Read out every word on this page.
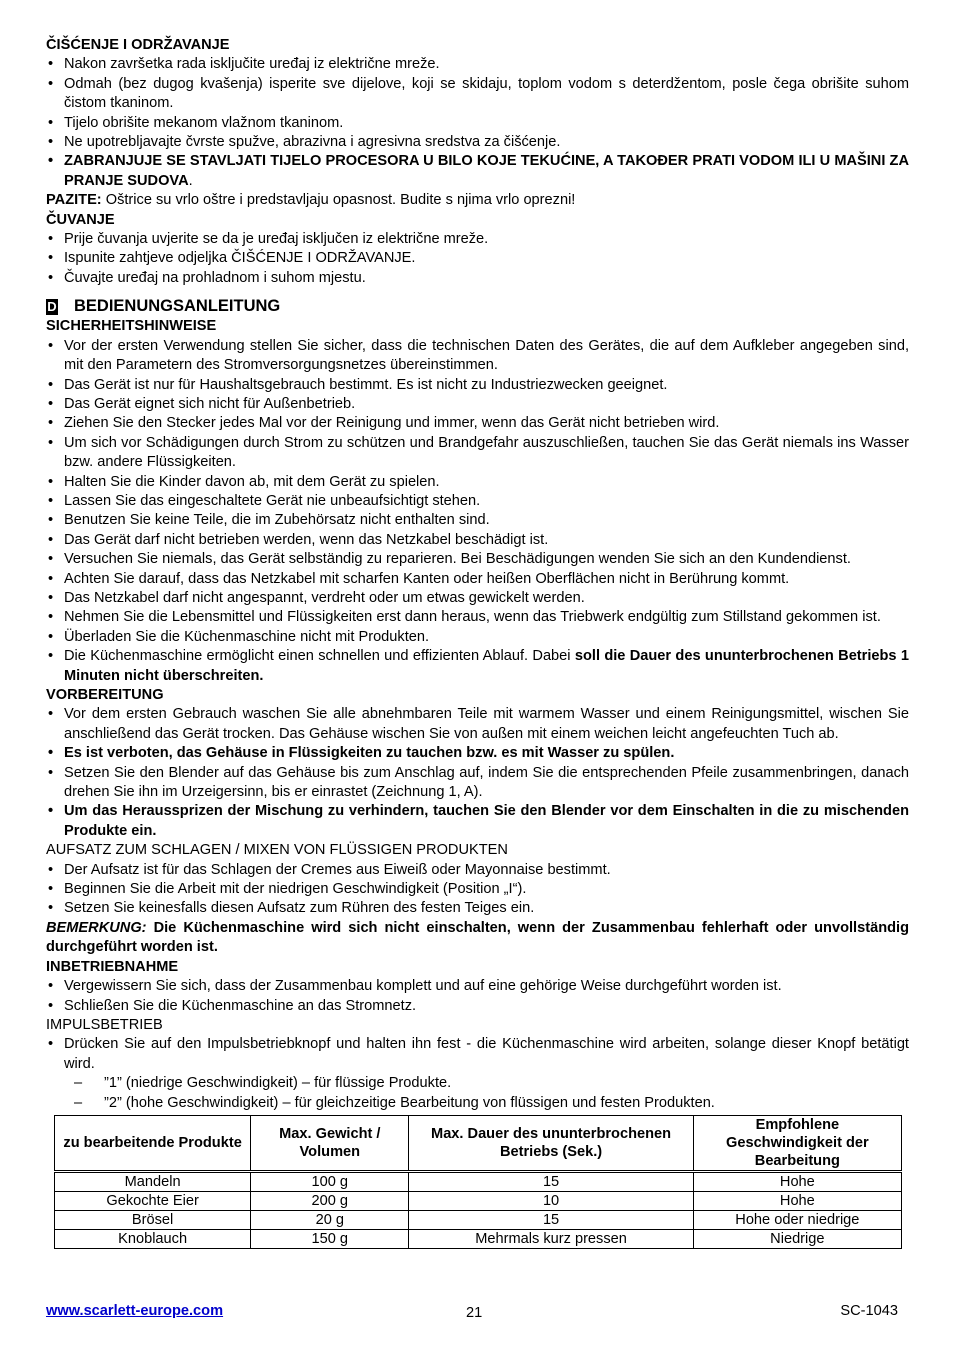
ČIŠĆENJE I ODRŽAVANJE
• Nakon završetka rada isključite uređaj iz električne mreže.
• Odmah (bez dugog kvašenja) isperite sve dijelove, koji se skidaju, toplom vodom s deterdžentom, posle čega obrišite suhom čistom tkaninom.
• Tijelo obrišite mekanom vlažnom tkaninom.
• Ne upotrebljavajte čvrste spužve, abrazivna i agresivna sredstva za čišćenje.
• ZABRANJUJE SE STAVLJATI TIJELO PROCESORA U BILO KOJE TEKUĆINE, A TAKOĐER PRATI VODOM ILI U MAŠINI ZA PRANJE SUDOVA.

PAZITE: Oštrice su vrlo oštre i predstavljaju opasnost. Budite s njima vrlo oprezni!

ČUVANJE
• Prije čuvanja uvjerite se da je uređaj isključen iz električne mreže.
• Ispunite zahtjeve odjeljka ČIŠĆENJE I ODRŽAVANJE.
• Čuvajte uređaj na prohladnom i suhom mjestu.
D BEDIENUNGSANLEITUNG
SICHERHEITSHINWEISE
• Vor der ersten Verwendung stellen Sie sicher, dass die technischen Daten des Gerätes, die auf dem Aufkleber angegeben sind, mit den Parametern des Stromversorgungsnetzes übereinstimmen.
• Das Gerät ist nur für Haushaltsgebrauch bestimmt. Es ist nicht zu Industriezwecken geeignet.
• Das Gerät eignet sich nicht für Außenbetrieb.
• Ziehen Sie den Stecker jedes Mal vor der Reinigung und immer, wenn das Gerät nicht betrieben wird.
• Um sich vor Schädigungen durch Strom zu schützen und Brandgefahr auszuschließen, tauchen Sie das Gerät niemals ins Wasser bzw. andere Flüssigkeiten.
• Halten Sie die Kinder davon ab, mit dem Gerät zu spielen.
• Lassen Sie das eingeschaltete Gerät nie unbeaufsichtigt stehen.
• Benutzen Sie keine Teile, die im Zubehörsatz nicht enthalten sind.
• Das Gerät darf nicht betrieben werden, wenn das Netzkabel beschädigt ist.
• Versuchen Sie niemals, das Gerät selbständig zu reparieren. Bei Beschädigungen wenden Sie sich an den Kundendienst.
• Achten Sie darauf, dass das Netzkabel mit scharfen Kanten oder heißen Oberflächen nicht in Berührung kommt.
• Das Netzkabel darf nicht angespannt, verdreht oder um etwas gewickelt werden.
• Nehmen Sie die Lebensmittel und Flüssigkeiten erst dann heraus, wenn das Triebwerk endgültig zum Stillstand gekommen ist.
• Überladen Sie die Küchenmaschine nicht mit Produkten.
• Die Küchenmaschine ermöglicht einen schnellen und effizienten Ablauf. Dabei soll die Dauer des ununterbrochenen Betriebs 1 Minuten nicht überschreiten.
VORBEREITUNG
• Vor dem ersten Gebrauch waschen Sie alle abnehmbaren Teile mit warmem Wasser und einem Reinigungsmittel, wischen Sie anschließend das Gerät trocken. Das Gehäuse wischen Sie von außen mit einem weichen leicht angefeuchten Tuch ab.
• Es ist verboten, das Gehäuse in Flüssigkeiten zu tauchen bzw. es mit Wasser zu spülen.
• Setzen Sie den Blender auf das Gehäuse bis zum Anschlag auf, indem Sie die entsprechenden Pfeile zusammenbringen, danach drehen Sie ihn im Urzeigersinn, bis er einrastet (Zeichnung 1, A).
• Um das Heraussprizen der Mischung zu verhindern, tauchen Sie den Blender vor dem Einschalten in die zu mischenden Produkte ein.
AUFSATZ ZUM SCHLAGEN / MIXEN VON FLÜSSIGEN PRODUKTEN
• Der Aufsatz ist für das Schlagen der Cremes aus Eiweiß oder Mayonnaise bestimmt.
• Beginnen Sie die Arbeit mit der niedrigen Geschwindigkeit (Position „I“).
• Setzen Sie keinesfalls diesen Aufsatz zum Rühren des festen Teiges ein.

BEMERKUNG: Die Küchenmaschine wird sich nicht einschalten, wenn der Zusammenbau fehlerhaft oder unvollständig durchgeführt worden ist.

INBETRIEBNAHME
• Vergewissern Sie sich, dass der Zusammenbau komplett und auf eine gehörige Weise durchgeführt worden ist.
• Schließen Sie die Küchenmaschine an das Stromnetz.
IMPULSBETRIEB
• Drücken Sie auf den Impulsbetriebknopf und halten ihn fest - die Küchenmaschine wird arbeiten, solange dieser Knopf betätigt wird.
– ”1” (niedrige Geschwindigkeit) – für flüssige Produkte.
– ”2” (hohe Geschwindigkeit) – für gleichzeitige Bearbeitung von flüssigen und festen Produkten.
zu bearbeitende Produkte	Max. Gewicht / Volumen	Max. Dauer des ununterbrochenen Betriebs (Sek.)	Empfohlene Geschwindigkeit der Bearbeitung
Mandeln	100 g	15	Hohe
Gekochte Eier	200 g	10	Hohe
Brösel	20 g	15	Hohe oder niedrige
Knoblauch	150 g	Mehrmals kurz pressen	Niedrige
www.scarlett-europe.com	21	SC-1043
